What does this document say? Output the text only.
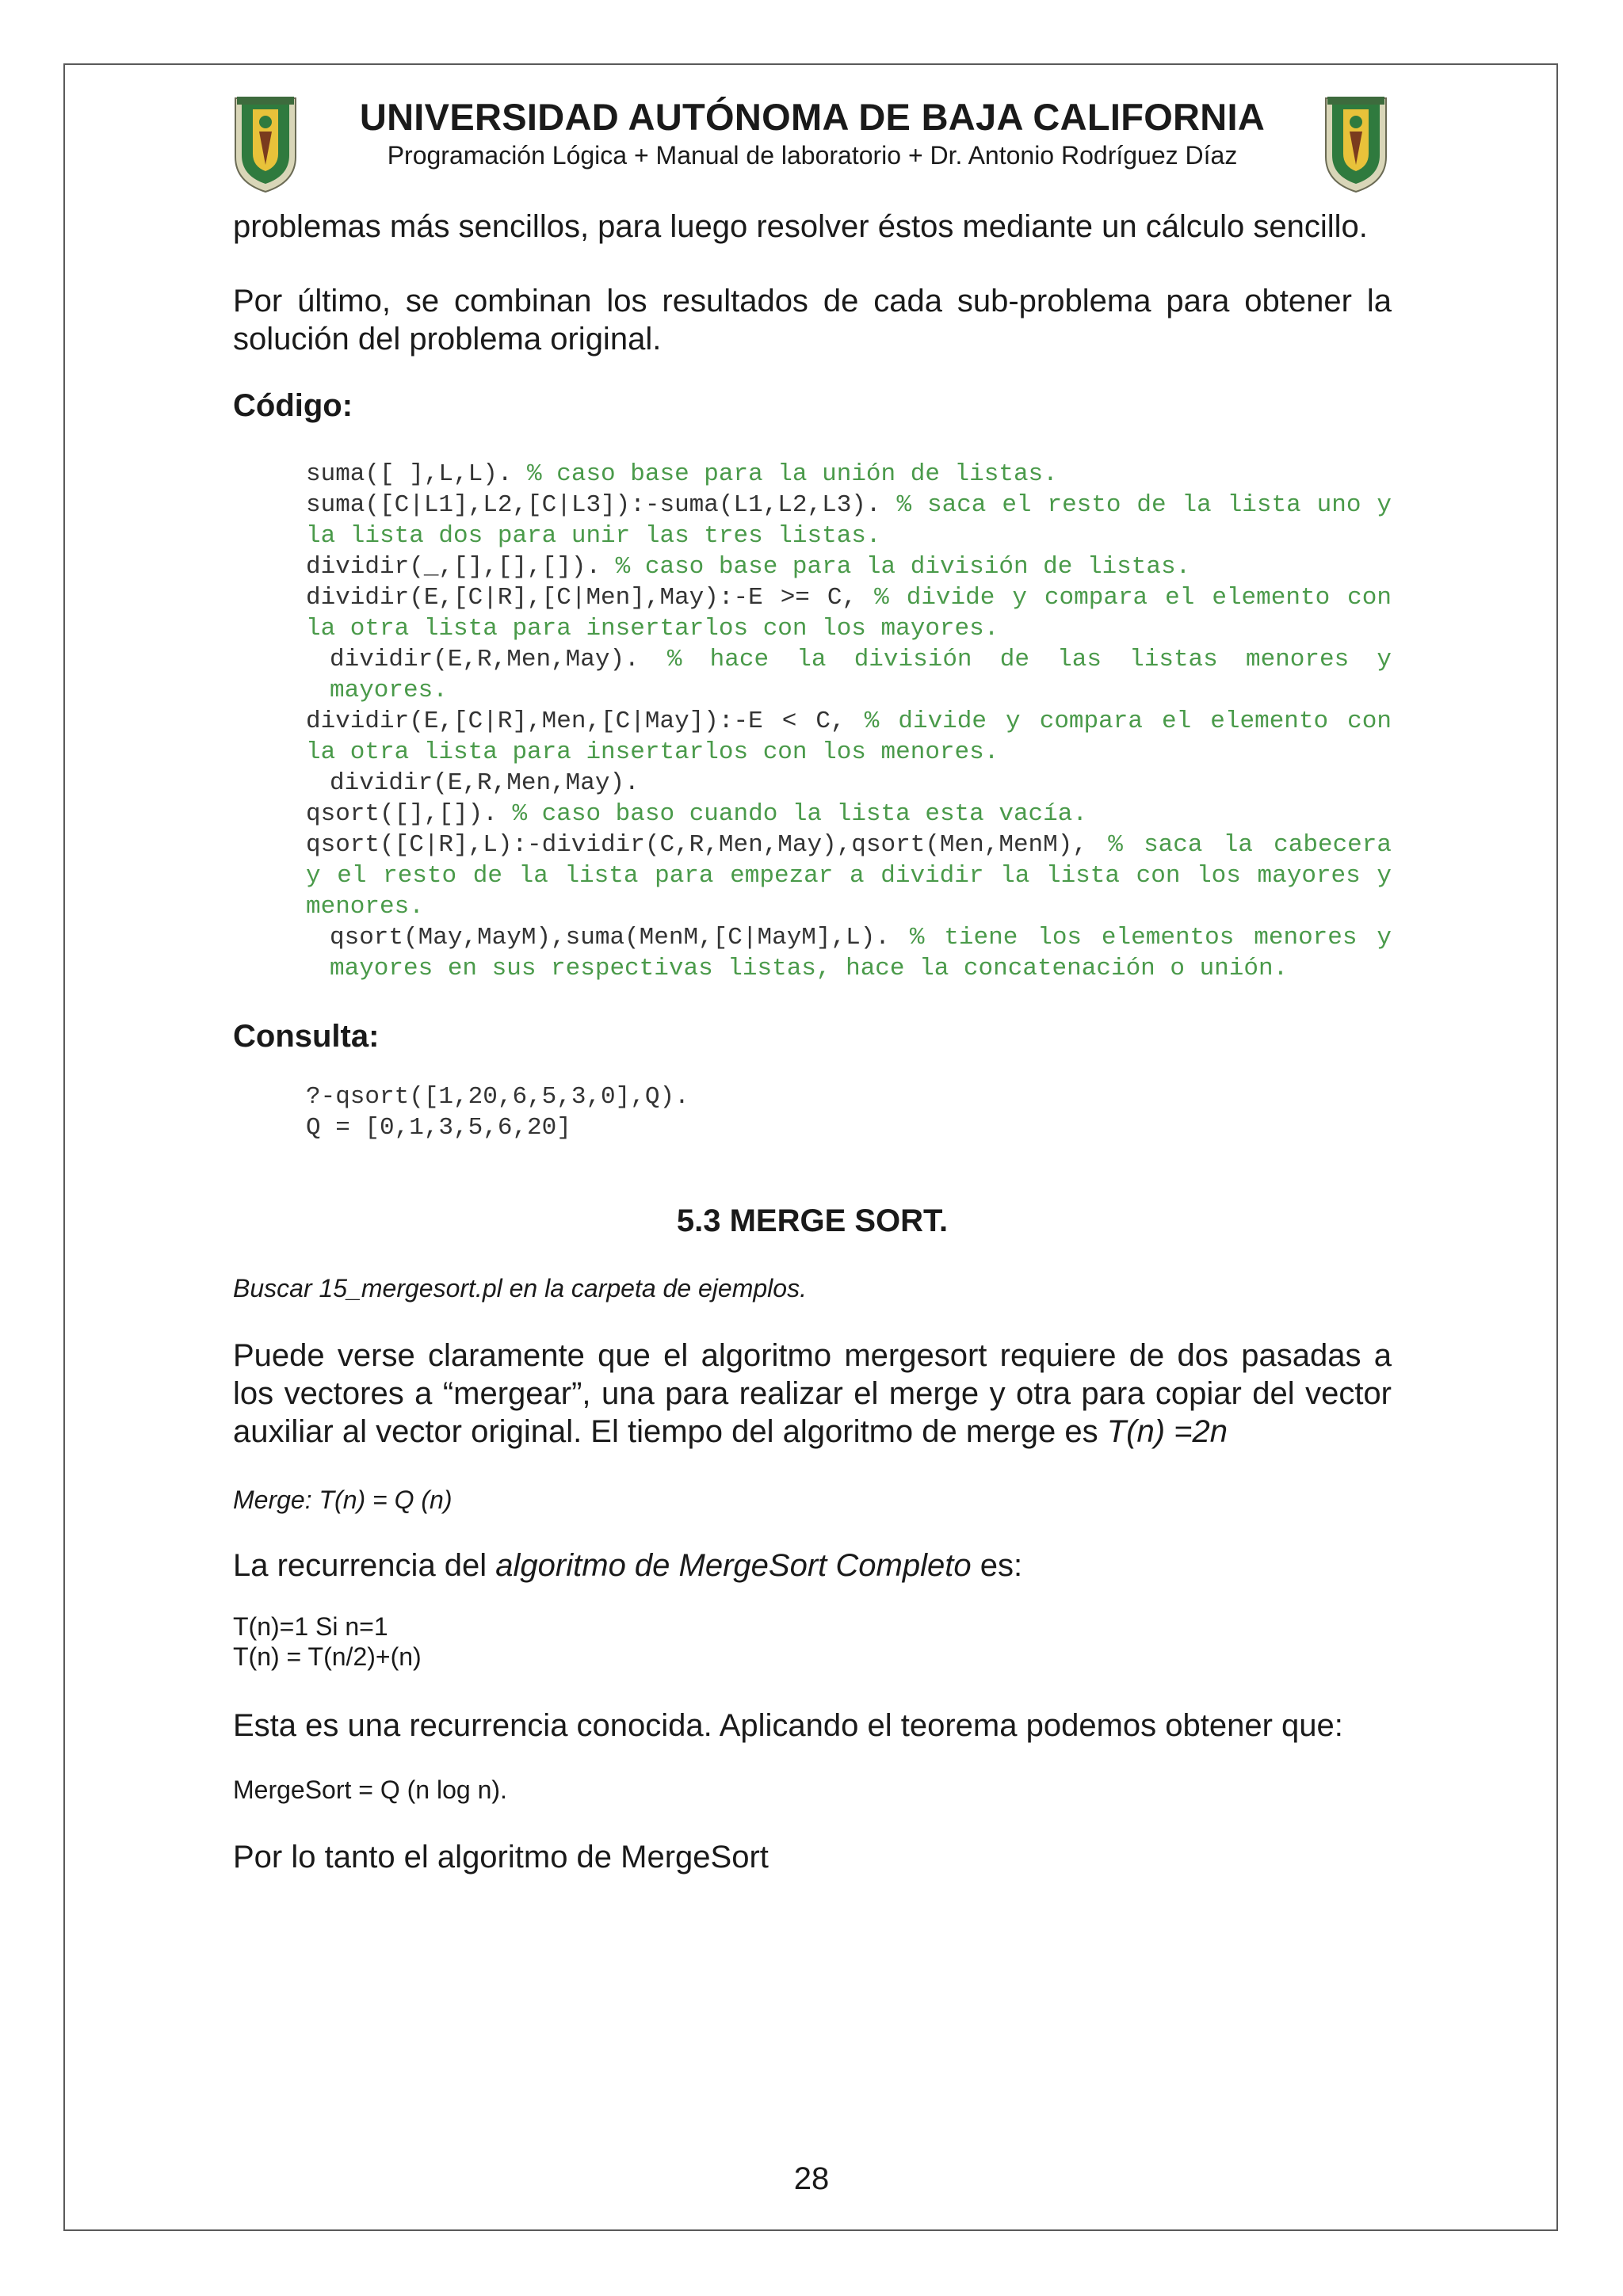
UNIVERSIDAD AUTÓNOMA DE BAJA CALIFORNIA
Programación Lógica + Manual de laboratorio + Dr. Antonio Rodríguez Díaz

problemas más sencillos, para luego resolver éstos mediante un cálculo sencillo.

Por último, se combinan los resultados de cada sub-problema para obtener la solución del problema original.

Código:

suma([ ],L,L). % caso base para la unión de listas.
suma([C|L1],L2,[C|L3]):-suma(L1,L2,L3). % saca el resto de la lista uno y la lista dos para unir las tres listas.
dividir(_,[],[],[]). % caso base para la división de listas.
dividir(E,[C|R],[C|Men],May):-E >= C, % divide y compara el elemento con la otra lista para insertarlos con los mayores.
dividir(E,R,Men,May). % hace la división de las listas menores y mayores.
dividir(E,[C|R],Men,[C|May]):-E < C, % divide y compara el elemento con la otra lista para insertarlos con los menores.
dividir(E,R,Men,May).
qsort([],[]). % caso baso cuando la lista esta vacía.
qsort([C|R],L):-dividir(C,R,Men,May),qsort(Men,MenM), % saca la cabecera y el resto de la lista para empezar a dividir la lista con los mayores y menores.
qsort(May,MayM),suma(MenM,[C|MayM],L). % tiene los elementos menores y mayores en sus respectivas listas, hace la concatenación o unión.

Consulta:

?-qsort([1,20,6,5,3,0],Q).
Q = [0,1,3,5,6,20]

5.3 MERGE SORT.

Buscar 15_mergesort.pl en la carpeta de ejemplos.

Puede verse claramente que el algoritmo mergesort requiere de dos pasadas a los vectores a “mergear”, una para realizar el merge y otra para copiar del vector auxiliar al vector original. El tiempo del algoritmo de merge es T(n) =2n

Merge: T(n) = Q (n)

La recurrencia del algoritmo de MergeSort Completo es:

T(n)=1 Si n=1

T(n) = T(n/2)+(n)

Esta es una recurrencia conocida. Aplicando el teorema podemos obtener que:

MergeSort = Q (n log n).

Por lo tanto el algoritmo de MergeSort

28
